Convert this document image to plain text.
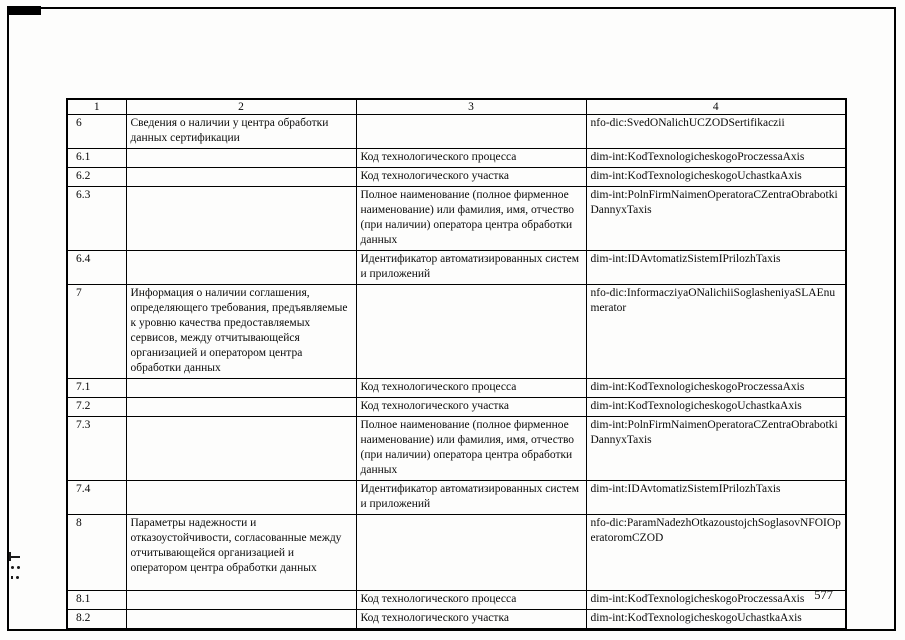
1	2	3	4
6	Сведения о наличии у центра обработки данных сертификации		nfo-dic:SvedONalichUCZODSertifikaczii
6.1		Код технологического процесса	dim-int:KodTexnologicheskogoProczessaAxis
6.2		Код технологического участка	dim-int:KodTexnologicheskogoUchastkaAxis
6.3		Полное наименование (полное фирменное наименование) или фамилия, имя, отчество (при наличии) оператора центра обработки данных	dim-int:PolnFirmNaimenOperatoraCZentraObrabotkiDannyxTaxis
6.4		Идентификатор автоматизированных систем и приложений	dim-int:IDAvtomatizSistemIPrilozhTaxis
7	Информация о наличии соглашения, определяющего требования, предъявляемые к уровню качества предоставляемых сервисов, между отчитывающейся организацией и оператором центра обработки данных		nfo-dic:InformacziyaONalichiiSoglasheniyaSLAEnumerator
7.1		Код технологического процесса	dim-int:KodTexnologicheskogoProczessaAxis
7.2		Код технологического участка	dim-int:KodTexnologicheskogoUchastkaAxis
7.3		Полное наименование (полное фирменное наименование) или фамилия, имя, отчество (при наличии) оператора центра обработки данных	dim-int:PolnFirmNaimenOperatoraCZentraObrabotkiDannyxTaxis
7.4		Идентификатор автоматизированных систем и приложений	dim-int:IDAvtomatizSistemIPrilozhTaxis
8	Параметры надежности и отказоустойчивости, согласованные между отчитывающейся организацией и оператором центра обработки данных		nfo-dic:ParamNadezhOtkazoustojchSoglasovNFOIOperatoromCZOD
8.1		Код технологического процесса	dim-int:KodTexnologicheskogoProczessaAxis
8.2		Код технологического участка	dim-int:KodTexnologicheskogoUchastkaAxis
577
